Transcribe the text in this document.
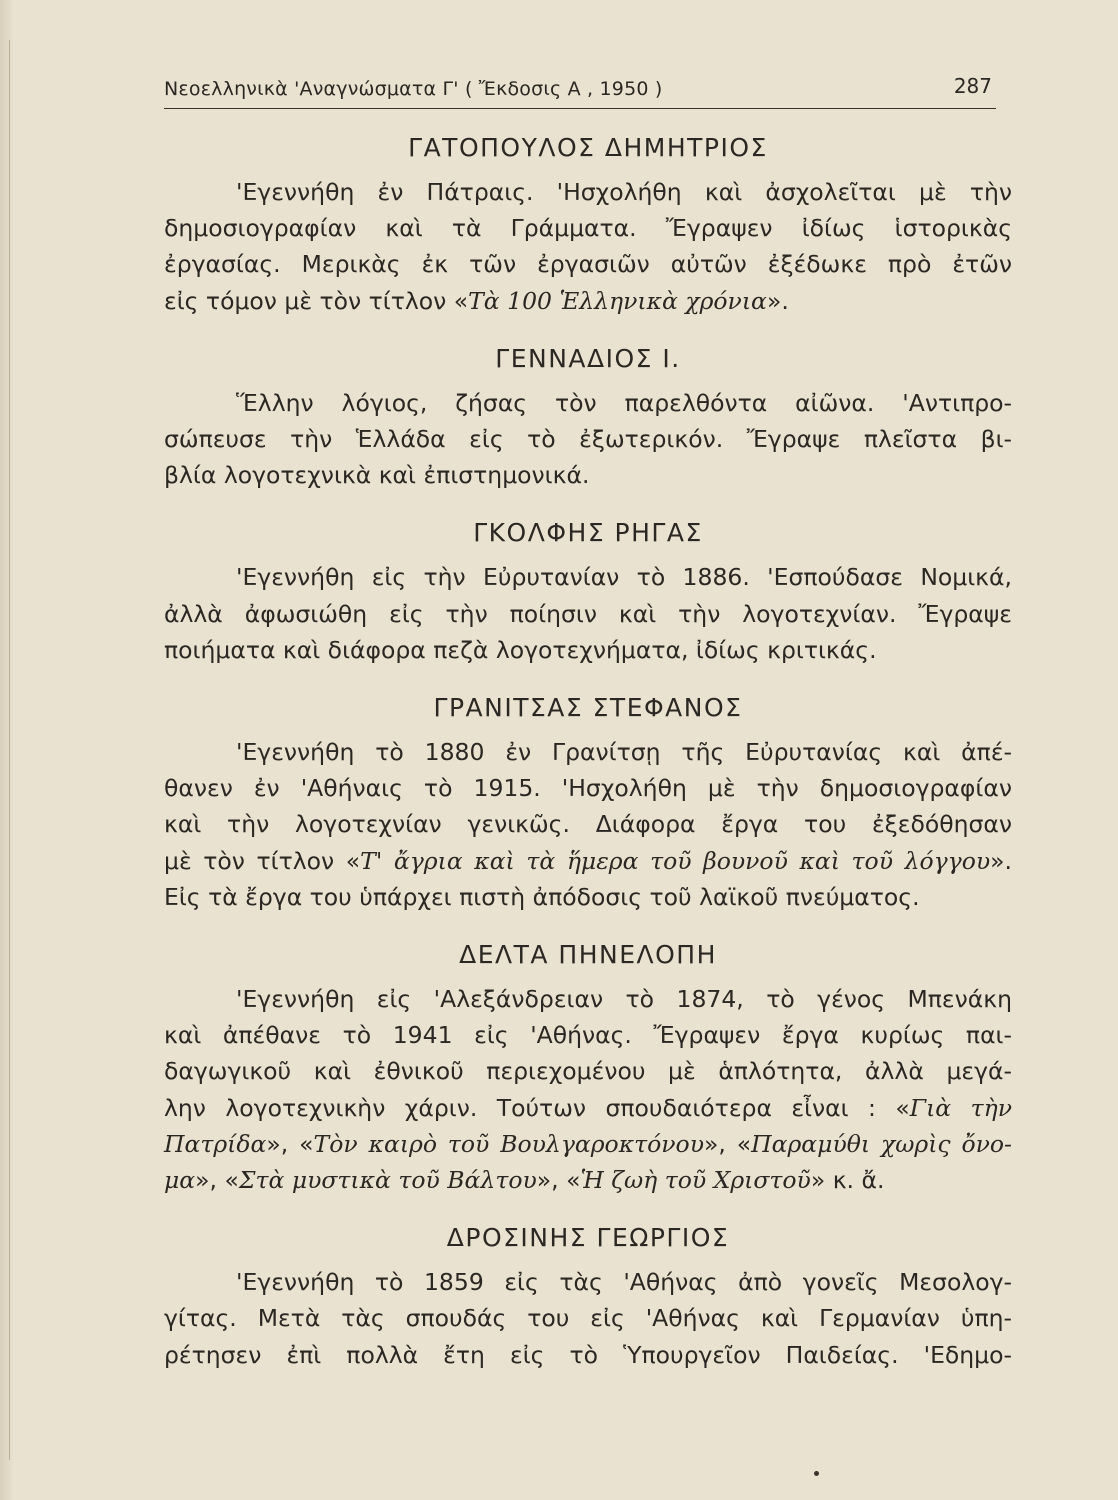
Νεοελληνικὰ 'Αναγνώσματα Γ' ( Ἔκδοσις Α , 1950 )	287
ΓΑΤΟΠΟΥΛΟΣ ΔΗΜΗΤΡΙΟΣ
'Εγεννήθη ἐν Πάτραις. 'Ησχολήθη καὶ ἀσχολεῖται μὲ τὴν
δημοσιογραφίαν καὶ τὰ Γράμματα. Ἔγραψεν ἰδίως ἱστορικὰς
ἐργασίας. Μερικὰς ἐκ τῶν ἐργασιῶν αὐτῶν ἐξέδωκε πρὸ ἐτῶν
εἰς τόμον μὲ τὸν τίτλον «Τὰ 100 Ἑλληνικὰ χρόνια».
ΓΕΝΝΑΔΙΟΣ Ι.
Ἕλλην λόγιος, ζήσας τὸν παρελθόντα αἰῶνα. 'Αντιπρο-
σώπευσε τὴν Ἑλλάδα εἰς τὸ ἐξωτερικόν. Ἔγραψε πλεῖστα βι-
βλία λογοτεχνικὰ καὶ ἐπιστημονικά.
ΓΚΟΛΦΗΣ ΡΗΓΑΣ
'Εγεννήθη εἰς τὴν Εὐρυτανίαν τὸ 1886. 'Εσπούδασε Νομικά,
ἀλλὰ ἀφωσιώθη εἰς τὴν ποίησιν καὶ τὴν λογοτεχνίαν. Ἔγραψε
ποιήματα καὶ διάφορα πεζὰ λογοτεχνήματα, ἰδίως κριτικάς.
ΓΡΑΝΙΤΣΑΣ ΣΤΕΦΑΝΟΣ
'Εγεννήθη τὸ 1880 ἐν Γρανίτσῃ τῆς Εὐρυτανίας καὶ ἀπέ-
θανεν ἐν 'Αθήναις τὸ 1915. 'Ησχολήθη μὲ τὴν δημοσιογραφίαν
καὶ τὴν λογοτεχνίαν γενικῶς. Διάφορα ἔργα του ἐξεδόθησαν
μὲ τὸν τίτλον «Τ' ἄγρια καὶ τὰ ἥμερα τοῦ βουνοῦ καὶ τοῦ λόγγου».
Εἰς τὰ ἔργα του ὑπάρχει πιστὴ ἀπόδοσις τοῦ λαϊκοῦ πνεύματος.
ΔΕΛΤΑ ΠΗΝΕΛΟΠΗ
'Εγεννήθη εἰς 'Αλεξάνδρειαν τὸ 1874, τὸ γένος Μπενάκη
καὶ ἀπέθανε τὸ 1941 εἰς 'Αθήνας. Ἔγραψεν ἔργα κυρίως παι-
δαγωγικοῦ καὶ ἐθνικοῦ περιεχομένου μὲ ἁπλότητα, ἀλλὰ μεγά-
λην λογοτεχνικὴν χάριν. Τούτων σπουδαιότερα εἶναι : «Γιὰ τὴν
Πατρίδα», «Τὸν καιρὸ τοῦ Βουλγαροκτόνου», «Παραμύθι χωρὶς ὄνο-
μα», «Στὰ μυστικὰ τοῦ Βάλτου», «Ἡ ζωὴ τοῦ Χριστοῦ» κ. ἄ.
ΔΡΟΣΙΝΗΣ ΓΕΩΡΓΙΟΣ
'Εγεννήθη τὸ 1859 εἰς τὰς 'Αθήνας ἀπὸ γονεῖς Μεσολογ-
γίτας. Μετὰ τὰς σπουδάς του εἰς 'Αθήνας καὶ Γερμανίαν ὑπη-
ρέτησεν ἐπὶ πολλὰ ἔτη εἰς τὸ Ὑπουργεῖον Παιδείας. 'Εδημο-
